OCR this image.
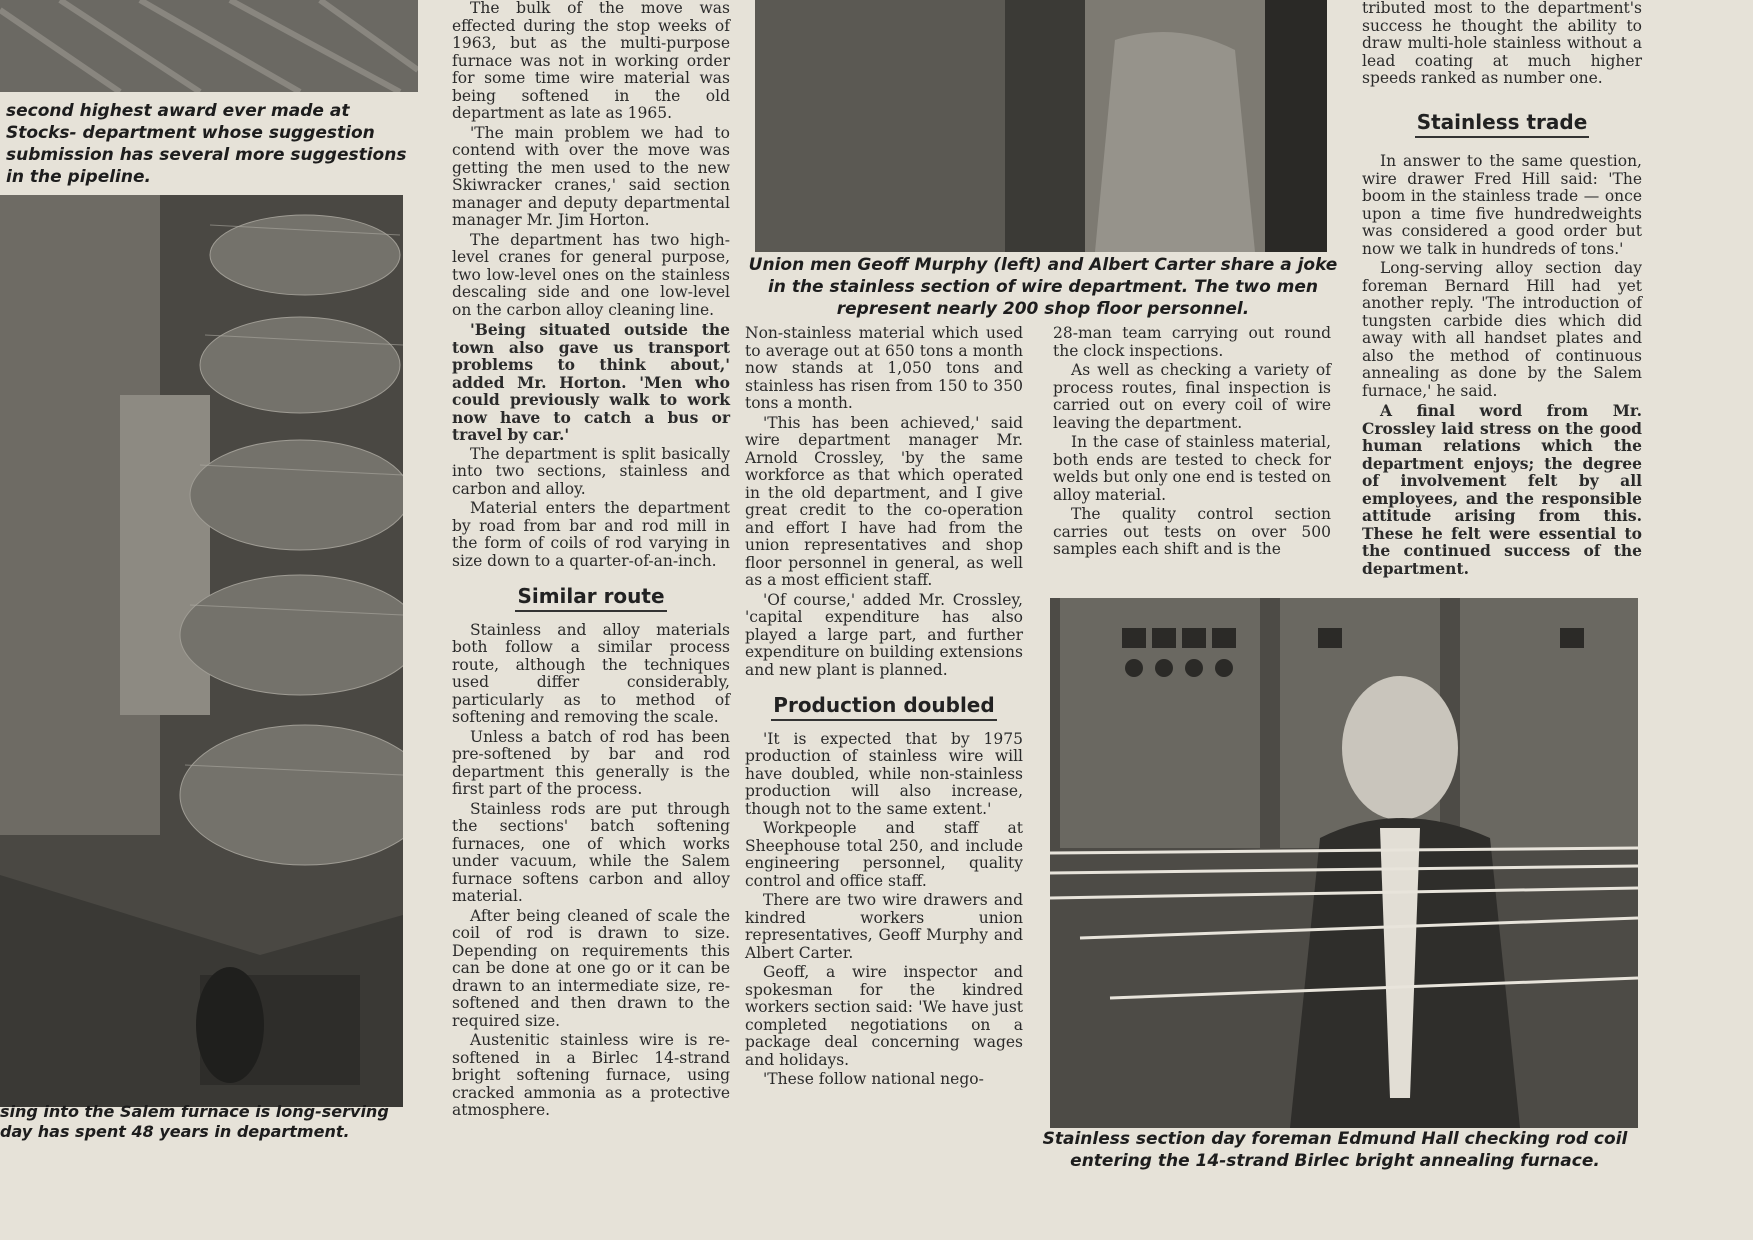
second highest award ever made at Stocks- department whose suggestion submission has several more suggestions in the pipeline.
sing into the Salem furnace is long-serving day has spent 48 years in department.

The bulk of the move was effected during the stop weeks of 1963, but as the multi-purpose furnace was not in working order for some time wire material was being softened in the old department as late as 1965.

'The main problem we had to contend with over the move was getting the men used to the new Skiwracker cranes,' said section manager and deputy departmental manager Mr. Jim Horton.

The department has two high-level cranes for general purpose, two low-level ones on the stainless descaling side and one low-level on the carbon alloy cleaning line.

'Being situated outside the town also gave us transport problems to think about,' added Mr. Horton. 'Men who could previously walk to work now have to catch a bus or travel by car.'

The department is split basically into two sections, stainless and carbon and alloy.

Material enters the department by road from bar and rod mill in the form of coils of rod varying in size down to a quarter-of-an-inch.

Similar route

Stainless and alloy materials both follow a similar process route, although the techniques used differ considerably, particularly as to method of softening and removing the scale.

Unless a batch of rod has been pre-softened by bar and rod department this generally is the first part of the process.

Stainless rods are put through the sections' batch softening furnaces, one of which works under vacuum, while the Salem furnace softens carbon and alloy material.

After being cleaned of scale the coil of rod is drawn to size. Depending on requirements this can be done at one go or it can be drawn to an intermediate size, re-softened and then drawn to the required size.

Austenitic stainless wire is re-softened in a Birlec 14-strand bright softening furnace, using cracked ammonia as a protective atmosphere.

Union men Geoff Murphy (left) and Albert Carter share a joke in the stainless section of wire department. The two men represent nearly 200 shop floor personnel.

Non-stainless material which used to average out at 650 tons a month now stands at 1,050 tons and stainless has risen from 150 to 350 tons a month.

'This has been achieved,' said wire department manager Mr. Arnold Crossley, 'by the same workforce as that which operated in the old department, and I give great credit to the co-operation and effort I have had from the union representatives and shop floor personnel in general, as well as a most efficient staff.

'Of course,' added Mr. Crossley, 'capital expenditure has also played a large part, and further expenditure on building extensions and new plant is planned.

Production doubled

'It is expected that by 1975 production of stainless wire will have doubled, while non-stainless production will also increase, though not to the same extent.'

Workpeople and staff at Sheephouse total 250, and include engineering personnel, quality control and office staff.

There are two wire drawers and kindred workers union representatives, Geoff Murphy and Albert Carter.

Geoff, a wire inspector and spokesman for the kindred workers section said: 'We have just completed negotiations on a package deal concerning wages and holidays.

'These follow national nego-

28-man team carrying out round the clock inspections.

As well as checking a variety of process routes, final inspection is carried out on every coil of wire leaving the department.

In the case of stainless material, both ends are tested to check for welds but only one end is tested on alloy material.

The quality control section carries out tests on over 500 samples each shift and is the

tributed most to the department's success he thought the ability to draw multi-hole stainless without a lead coating at much higher speeds ranked as number one.

Stainless trade

In answer to the same question, wire drawer Fred Hill said: 'The boom in the stainless trade — once upon a time five hundredweights was considered a good order but now we talk in hundreds of tons.'

Long-serving alloy section day foreman Bernard Hill had yet another reply. 'The introduction of tungsten carbide dies which did away with all handset plates and also the method of continuous annealing as done by the Salem furnace,' he said.

A final word from Mr. Crossley laid stress on the good human relations which the department enjoys; the degree of involvement felt by all employees, and the responsible attitude arising from this. These he felt were essential to the continued success of the department.

Stainless section day foreman Edmund Hall checking rod coil entering the 14-strand Birlec bright annealing furnace.
